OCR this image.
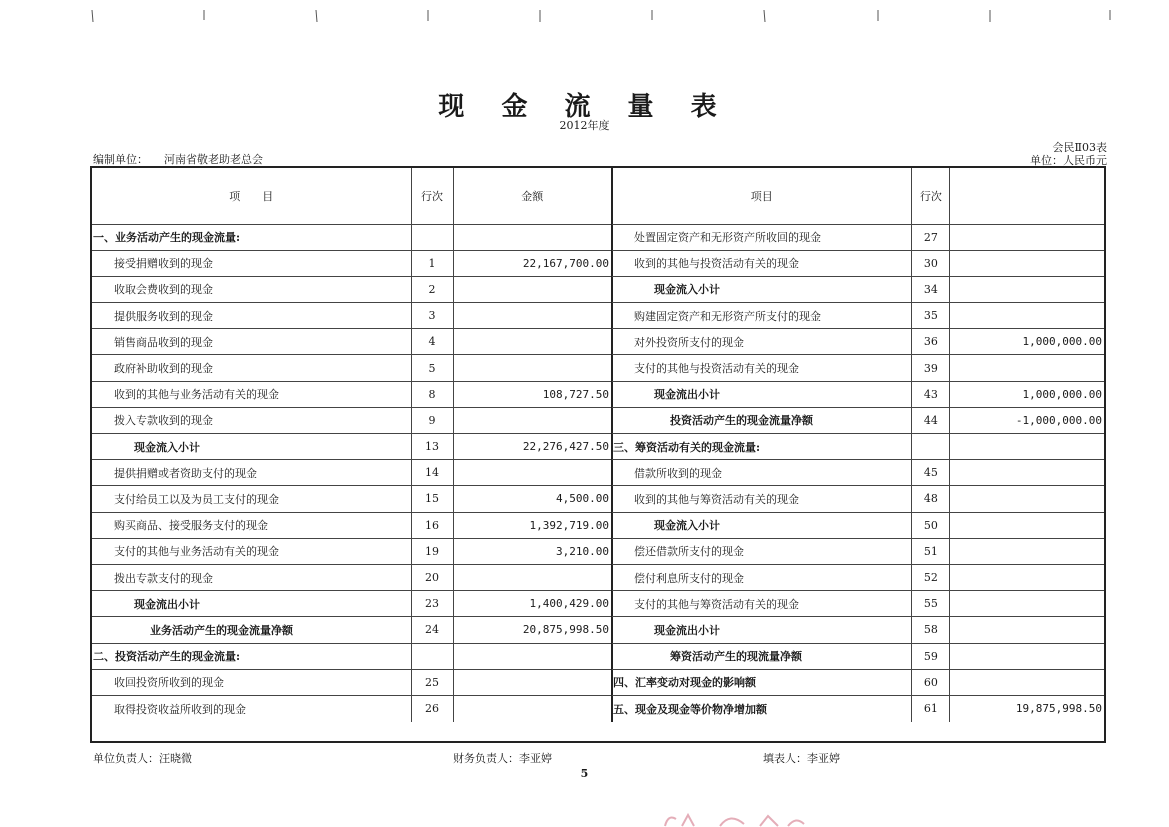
现 金 流 量 表
2012年度
会民Ⅱ03表
编制单位： 河南省敬老助老总会	单位：人民币元
项　　目	行次	金额
一、业务活动产生的现金流量:		
接受捐赠收到的现金	1	22,167,700.00
收取会费收到的现金	2	
提供服务收到的现金	3	
销售商品收到的现金	4	
政府补助收到的现金	5	
收到的其他与业务活动有关的现金	8	108,727.50
拨入专款收到的现金	9	
现金流入小计	13	22,276,427.50
提供捐赠或者资助支付的现金	14	
支付给员工以及为员工支付的现金	15	4,500.00
购买商品、接受服务支付的现金	16	1,392,719.00
支付的其他与业务活动有关的现金	19	3,210.00
拨出专款支付的现金	20	
现金流出小计	23	1,400,429.00
业务活动产生的现金流量净额	24	20,875,998.50
二、投资活动产生的现金流量:		
收回投资所收到的现金	25	
取得投资收益所收到的现金	26	
项目	行次	
处置固定资产和无形资产所收回的现金	27	
收到的其他与投资活动有关的现金	30	
现金流入小计	34	
购建固定资产和无形资产所支付的现金	35	
对外投资所支付的现金	36	1,000,000.00
支付的其他与投资活动有关的现金	39	
现金流出小计	43	1,000,000.00
投资活动产生的现金流量净额	44	-1,000,000.00
三、筹资活动有关的现金流量:		
借款所收到的现金	45	
收到的其他与筹资活动有关的现金	48	
现金流入小计	50	
偿还借款所支付的现金	51	
偿付利息所支付的现金	52	
支付的其他与筹资活动有关的现金	55	
现金流出小计	58	
筹资活动产生的现流量净额	59	
四、汇率变动对现金的影响额	60	
五、现金及现金等价物净增加额	61	19,875,998.50
单位负责人：汪晓微	财务负责人：李亚婷	填表人：李亚婷
5
